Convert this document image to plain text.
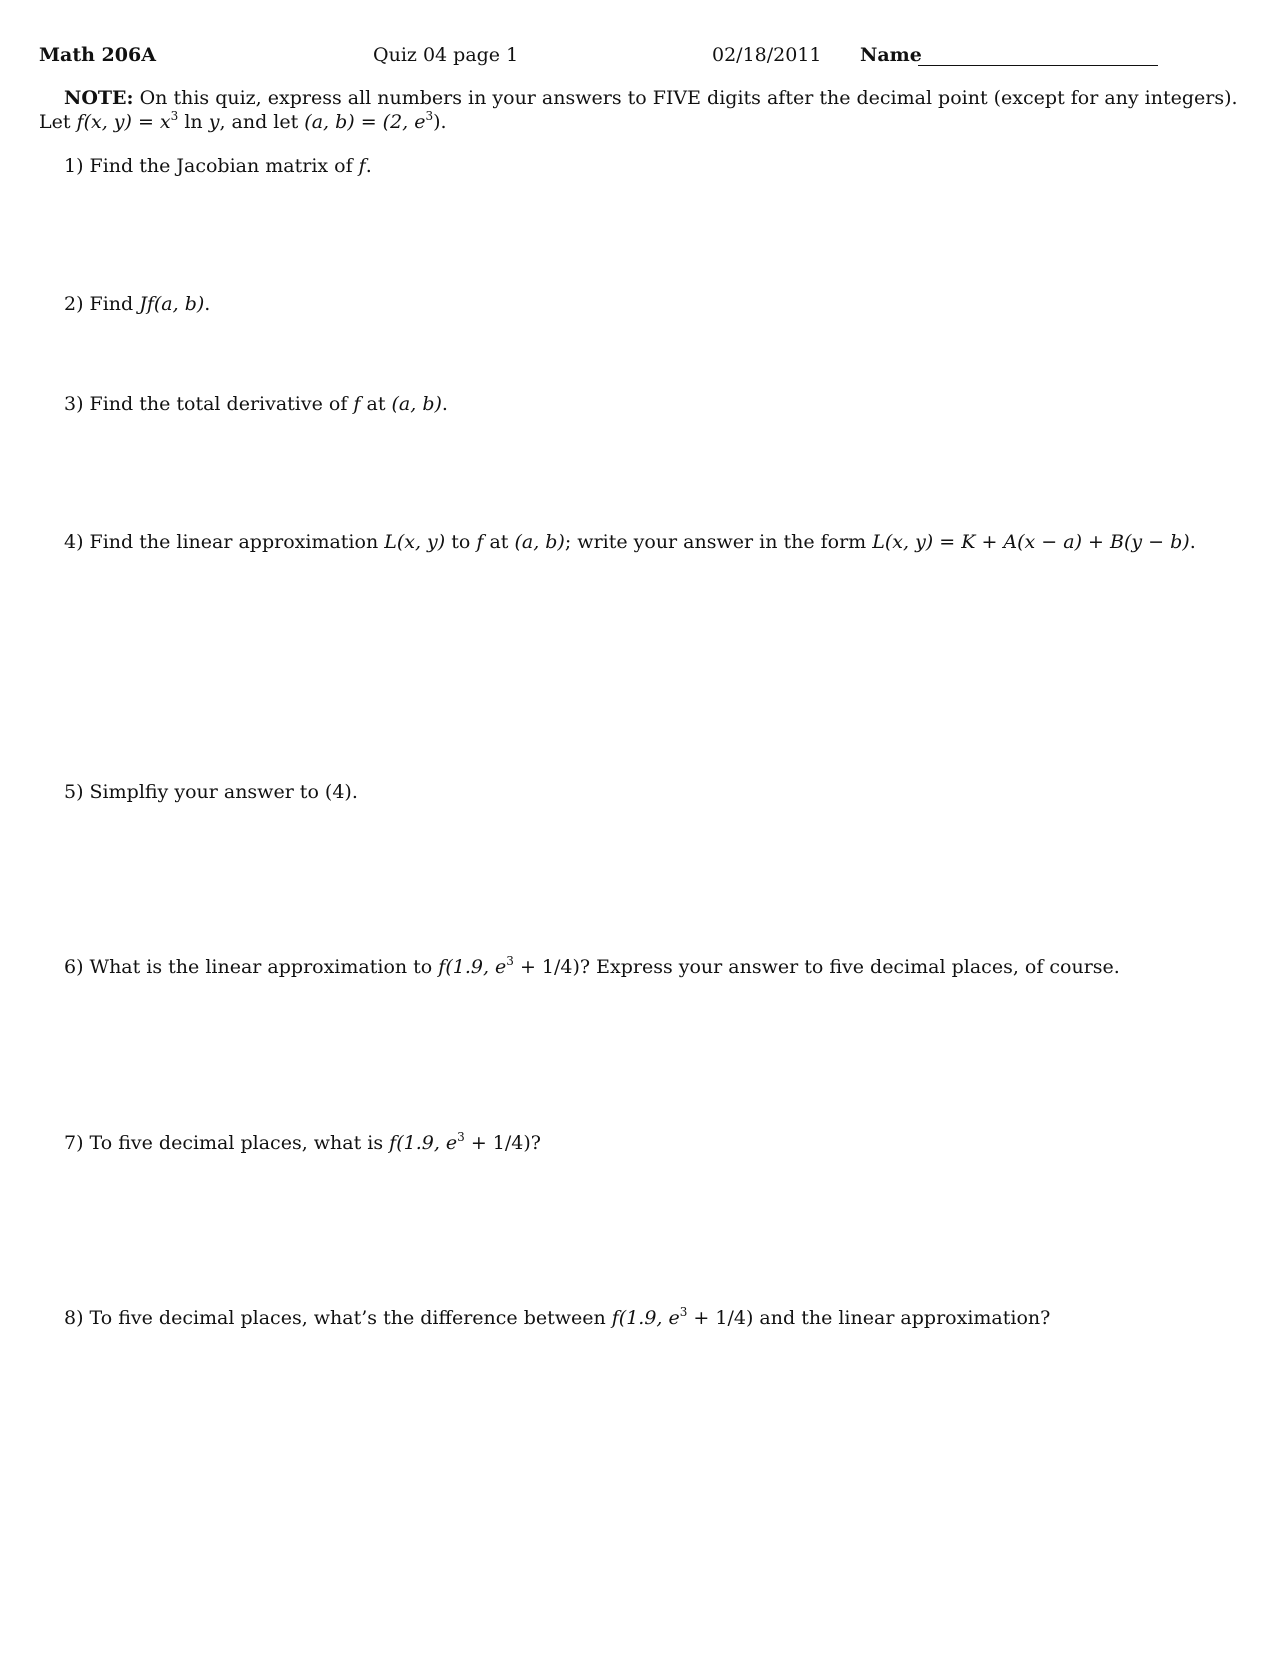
Math 206A	Quiz 04 page 1	02/18/2011 Name
NOTE: On this quiz, express all numbers in your answers to FIVE digits after the decimal point (except for any integers).
Let f(x, $y) = x^3$ ln y, and let (a, b) = (2, $e^3$).
1) Find the Jacobian matrix of f.
2) Find Jf(a, b).
3) Find the total derivative of f at (a, b).
4) Find the linear approximation L(x, y) to f at (a, b); write your answer in the form L(x, y) = K + A(x − a) + B(y − b).
5) Simplfiy your answer to (4).
6) What is the linear approximation to f(1.9, $e^3 + 1/4$)? Express your answer to five decimal places, of course.
7) To five decimal places, what is f(1.9, $e^3 + 1/4$)?
8) To five decimal places, what’s the difference between f(1.9, $e^3 + 1/4$) and the linear approximation?
